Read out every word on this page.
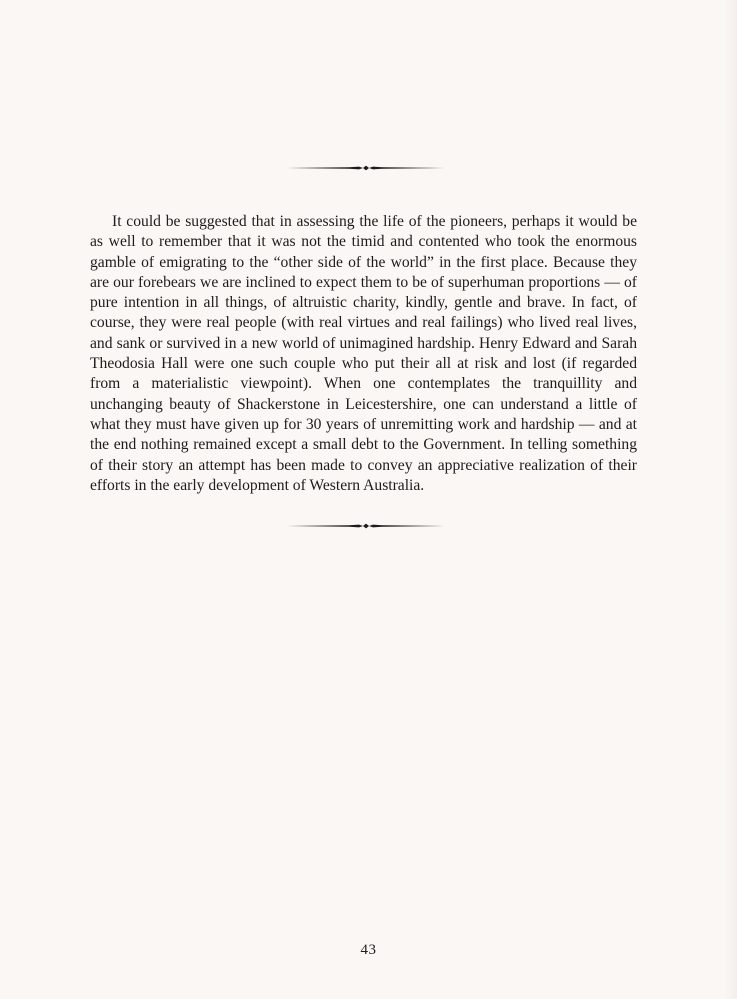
It could be suggested that in assessing the life of the pioneers, perhaps it would be as well to remember that it was not the timid and contented who took the enormous gamble of emigrating to the “other side of the world” in the first place. Because they are our forebears we are inclined to expect them to be of superhuman proportions — of pure intention in all things, of altruistic charity, kindly, gentle and brave. In fact, of course, they were real people (with real virtues and real failings) who lived real lives, and sank or survived in a new world of unimagined hardship. Henry Edward and Sarah Theodosia Hall were one such couple who put their all at risk and lost (if regarded from a materialistic viewpoint). When one contemplates the tranquillity and unchanging beauty of Shackerstone in Leicestershire, one can understand a little of what they must have given up for 30 years of unremitting work and hardship — and at the end nothing remained except a small debt to the Government. In telling something of their story an attempt has been made to convey an appreciative realization of their efforts in the early development of Western Australia.

43
